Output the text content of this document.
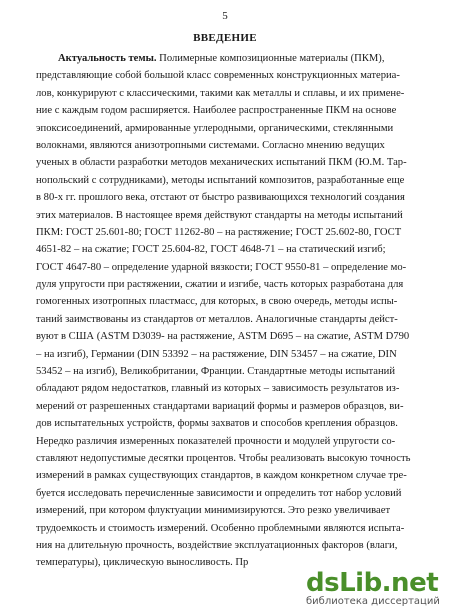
5
ВВЕДЕНИЕ
Актуальность темы. Полимерные композиционные материалы (ПКМ),
представляющие собой большой класс современных конструкционных материа-
лов, конкурируют с классическими, такими как металлы и сплавы, и их примене-
ние с каждым годом расширяется. Наиболее распространенные ПКМ на основе
эпоксисоединений, армированные углеродными, органическими, стеклянными
волокнами, являются анизотропными системами. Согласно мнению ведущих
ученых в области разработки методов механических испытаний ПКМ (Ю.М. Тар-
нопольский с сотрудниками), методы испытаний композитов, разработанные еще
в 80-х гг. прошлого века, отстают от быстро развивающихся технологий создания
этих материалов. В настоящее время действуют стандарты на методы испытаний
ПКМ: ГОСТ 25.601-80; ГОСТ 11262-80 – на растяжение; ГОСТ 25.602-80, ГОСТ
4651-82 – на сжатие; ГОСТ 25.604-82, ГОСТ 4648-71 – на статический изгиб;
ГОСТ 4647-80 – определение ударной вязкости; ГОСТ 9550-81 – определение мо-
дуля упругости при растяжении, сжатии и изгибе, часть которых разработана для
гомогенных изотропных пластмасс, для которых, в свою очередь, методы испы-
таний заимствованы из стандартов от металлов. Аналогичные стандарты дейст-
вуют в США (ASTM D3039- на растяжение, ASTM D695 – на сжатие, ASTM D790
– на изгиб), Германии (DIN 53392 – на растяжение, DIN 53457 – на сжатие, DIN
53452 – на изгиб), Великобритании, Франции. Стандартные методы испытаний
обладают рядом недостатков, главный из которых – зависимость результатов из-
мерений от разрешенных стандартами вариаций формы и размеров образцов, ви-
дов испытательных устройств, формы захватов и способов крепления образцов.
Нередко различия измеренных показателей прочности и модулей упругости со-
ставляют недопустимые десятки процентов. Чтобы реализовать высокую точность
измерений в рамках существующих стандартов, в каждом конкретном случае тре-
буется исследовать перечисленные зависимости и определить тот набор условий
измерений, при котором флуктуации минимизируются. Это резко увеличивает
трудоемкость и стоимость измерений. Особенно проблемными являются испыта-
ния на длительную прочность, воздействие эксплуатационных факторов (влаги,
температуры), циклическую выносливость. Пр
dsLib.net
библиотека диссертаций
